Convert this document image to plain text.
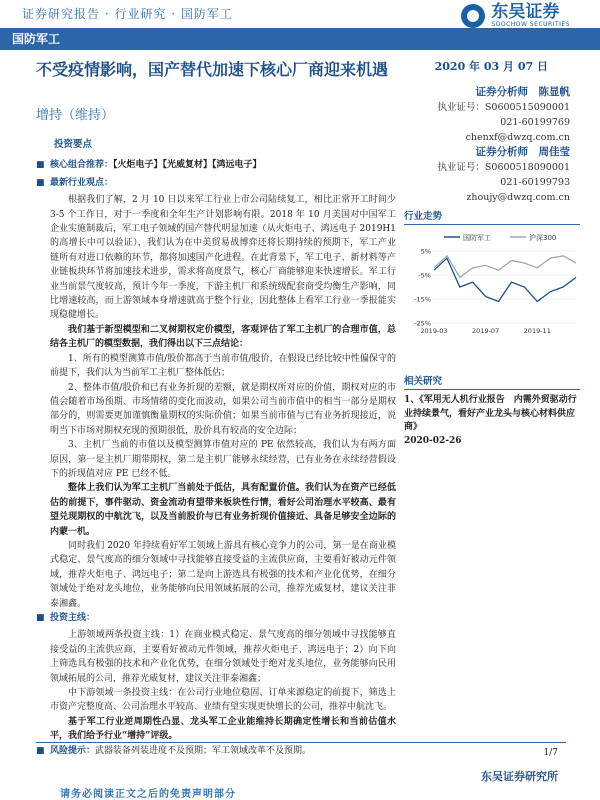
证券研究报告 · 行业研究 · 国防军工	东吴证券
SOOCHOW SECURITIES
国防军工
不受疫情影响，国产替代加速下核心厂商迎来机遇
增持（维持）
2020 年 03 月 07 日
证券分析师　陈显帆
执业证号：S0600515090001
021-60199769
chenxf@dwzq.com.cn
证券分析师　周佳莹
执业证号：S0600518090001
021-60199793
zhoujy@dwzq.com.cn
投资要点
■ 核心组合推荐：【火炬电子】【光威复材】【鸿远电子】
■ 最新行业观点：

根据我们了解，2 月 10 日以来军工行业上市公司陆续复工，相比正常开工时间少 3-5 个工作日，对于一季度和全年生产计划影响有限。2018 年 10 月美国对中国军工企业实施制裁后，军工电子领域的国产替代明显加速（从火炬电子、鸿远电子 2019H1 的高增长中可以验证），我们认为在中美贸易战博弈还将长期持续的预期下，军工产业链所有对进口依赖的环节，都将加速国产化进程。在此背景下，军工电子、新材料等产业链板块环节将加速技术进步，需求将高度景气，核心厂商能够迎来快速增长。军工行业当前景气度较高，预计今年一季度，下游主机厂和系统级配套商受均衡生产影响，同比增速较高，而上游领域本身增速就高于整个行业，因此整体上看军工行业一季报能实现稳健增长。

我们基于新型模型和二叉树期权定价模型，客观评估了军工主机厂的合理市值，总结各主机厂的模型数据，我们得出以下三点结论：

1、所有的模型测算市值/股价都高于当前市值/股价，在假设已经比较中性偏保守的前提下，我们认为当前军工主机厂整体低估；

2、整体市值/股价和已有业务折现的差额，就是期权所对应的价值，期权对应的市值会随着市场预期、市场情绪的变化而波动，如果公司当前市值中的相当一部分是期权部分的，则需要更加谨慎衡量期权的实际价值；如果当前市值与已有业务折现接近，说明当下市场对期权充现的预期很低，股价具有较高的安全边际；

3、主机厂当前的市值以及模型测算市值对应的 PE 依然较高，我们认为有两方面原因，第一是主机厂期带期权，第二是主机厂能够永续经营，已有业务在永续经营假设下的折现值对应 PE 已经不低。

整体上我们认为军工主机厂当前处于低估，具有配置价值。我们认为在资产已经低估的前提下，事件驱动、资金流动有望带来板块性行情，看好公司治理水平较高、最有望兑现期权的中航沈飞，以及当前股价与已有业务折现价值接近、具备足够安全边际的内蒙一机。

同时我们 2020 年持续看好军工领域上游具有核心竞争力的公司，第一是在商业模式稳定、景气度高的细分领域中寻找能够直接受益的主流供应商，主要看好被动元件领域，推荐火炬电子、鸿远电子；第二是向上游选具有极强的技术和产业化优势，在细分领域处于绝对龙头地位，业务能够向民用领域拓展的公司，推荐光威复材，建议关注菲泰湘鑫。

■ 投资主线：

上游领域两条投资主线：1）在商业模式稳定、景气度高的细分领域中寻找能够直接受益的主流供应商，主要看好被动元件领域，推荐火炬电子、鸿远电子；2）向下向上筛选具有极强的技术和产业化优势，在细分领域处于绝对龙头地位，业务能够向民用领域拓展的公司，推荐光威复材，建议关注菲泰湘鑫；

中下游领域一条投资主线：在公司行业地位稳固、订单来源稳定的前提下，筛选上市资产完整度高、公司治理水平较高、业绩有望实现更快增长的公司，推荐中航沈飞。

基于军工行业逆周期性凸显、龙头军工企业能维持长期确定性增长和当前估值水平，我们给予行业“增持”评级。

■ 风险提示：武器装备列装进度不及预期；军工领域改革不及预期。
行业走势
国防军工	沪深300
5%
-5%
-15%
-25%
2019-03	2019-07	2019-11
相关研究
1、《军用无人机行业报告　内需外贸驱动行业持续景气，看好产业龙头与核心材料供应商》
2020-02-26
1/7
东吴证券研究所
请务必阅读正文之后的免责声明部分
